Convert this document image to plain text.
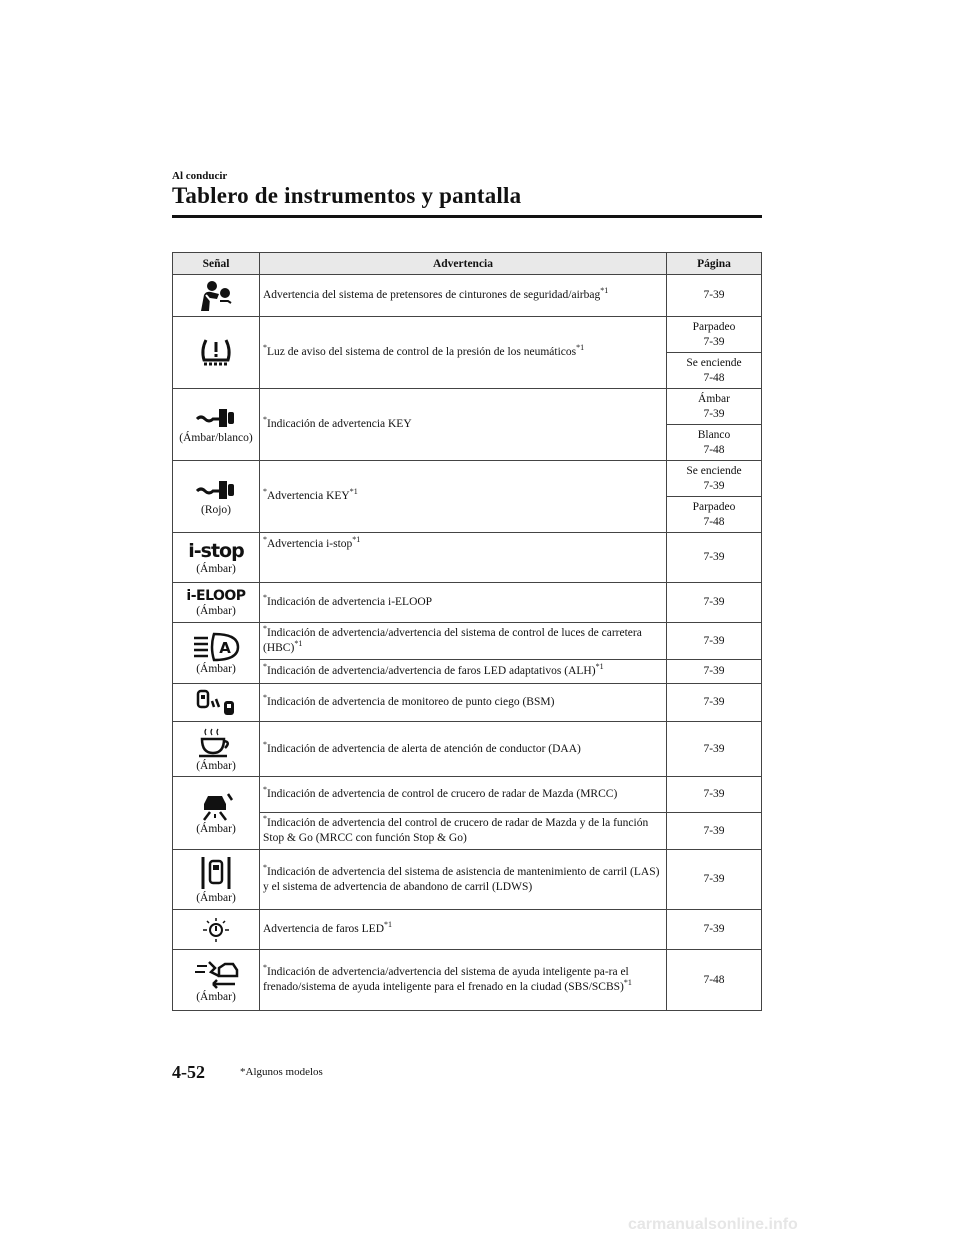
Al conducir
Tablero de instrumentos y pantalla
Señal	Advertencia	Página

	Advertencia del sistema de pretensores de cinturones de seguridad/airbag$^{*1}$	7-39

	*Luz de aviso del sistema de control de la presión de los neumáticos$^{*1}$	Parpadeo
7-39
		Se enciende
7-48

(Ámbar/blanco)	*Indicación de advertencia KEY	Ámbar
7-39
		Blanco
7-48

(Rojo)	*Advertencia KEY$^{*1}$	Se enciende
7-39
		Parpadeo
7-48

i-stop
(Ámbar)	*Advertencia i-stop$^{*1}$	7-39

i-ELOOP
(Ámbar)	*Indicación de advertencia i-ELOOP	7-39

A
(Ámbar)	*Indicación de advertencia/advertencia del sistema de control de luces de carretera (HBC)$^{*1}$	7-39
	*Indicación de advertencia/advertencia de faros LED adaptativos (ALH)$^{*1}$	7-39

	*Indicación de advertencia de monitoreo de punto ciego (BSM)	7-39

(Ámbar)	*Indicación de advertencia de alerta de atención de conductor (DAA)	7-39

(Ámbar)	*Indicación de advertencia de control de crucero de radar de Mazda (MRCC)	7-39
	*Indicación de advertencia del control de crucero de radar de Mazda y de la función Stop & Go (MRCC con función Stop & Go)	7-39

(Ámbar)	*Indicación de advertencia del sistema de asistencia de mantenimiento de carril (LAS) y el sistema de advertencia de abandono de carril (LDWS)	7-39

	Advertencia de faros LED$^{*1}$	7-39

(Ámbar)	*Indicación de advertencia/advertencia del sistema de ayuda inteligente pa-ra el frenado/sistema de ayuda inteligente para el frenado en la ciudad (SBS/SCBS)$^{*1}$	7-48
4-52	*Algunos modelos
carmanualsonline.info
